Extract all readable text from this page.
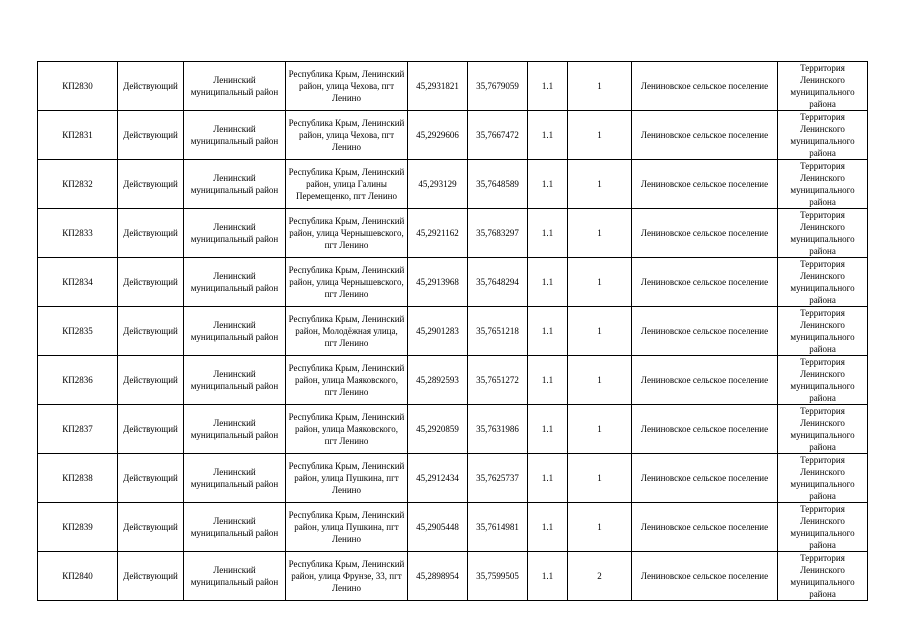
КП2830	Действующий	Ленинский муниципальный район	Республика Крым, Ленинский район, улица Чехова, пгт Ленино	45,2931821	35,7679059	1.1	1	Лениновское сельское поселение	Территория Ленинского муниципального района
КП2831	Действующий	Ленинский муниципальный район	Республика Крым, Ленинский район, улица Чехова, пгт Ленино	45,2929606	35,7667472	1.1	1	Лениновское сельское поселение	Территория Ленинского муниципального района
КП2832	Действующий	Ленинский муниципальный район	Республика Крым, Ленинский район, улица Галины Перемещенко, пгт Ленино	45,293129	35,7648589	1.1	1	Лениновское сельское поселение	Территория Ленинского муниципального района
КП2833	Действующий	Ленинский муниципальный район	Республика Крым, Ленинский район, улица Чернышевского, пгт Ленино	45,2921162	35,7683297	1.1	1	Лениновское сельское поселение	Территория Ленинского муниципального района
КП2834	Действующий	Ленинский муниципальный район	Республика Крым, Ленинский район, улица Чернышевского, пгт Ленино	45,2913968	35,7648294	1.1	1	Лениновское сельское поселение	Территория Ленинского муниципального района
КП2835	Действующий	Ленинский муниципальный район	Республика Крым, Ленинский район, Молодёжная улица, пгт Ленино	45,2901283	35,7651218	1.1	1	Лениновское сельское поселение	Территория Ленинского муниципального района
КП2836	Действующий	Ленинский муниципальный район	Республика Крым, Ленинский район, улица Маяковского, пгт Ленино	45,2892593	35,7651272	1.1	1	Лениновское сельское поселение	Территория Ленинского муниципального района
КП2837	Действующий	Ленинский муниципальный район	Республика Крым, Ленинский район, улица Маяковского, пгт Ленино	45,2920859	35,7631986	1.1	1	Лениновское сельское поселение	Территория Ленинского муниципального района
КП2838	Действующий	Ленинский муниципальный район	Республика Крым, Ленинский район, улица Пушкина, пгт Ленино	45,2912434	35,7625737	1.1	1	Лениновское сельское поселение	Территория Ленинского муниципального района
КП2839	Действующий	Ленинский муниципальный район	Республика Крым, Ленинский район, улица Пушкина, пгт Ленино	45,2905448	35,7614981	1.1	1	Лениновское сельское поселение	Территория Ленинского муниципального района
КП2840	Действующий	Ленинский муниципальный район	Республика Крым, Ленинский район, улица Фрунзе, 33, пгт Ленино	45,2898954	35,7599505	1.1	2	Лениновское сельское поселение	Территория Ленинского муниципального района
